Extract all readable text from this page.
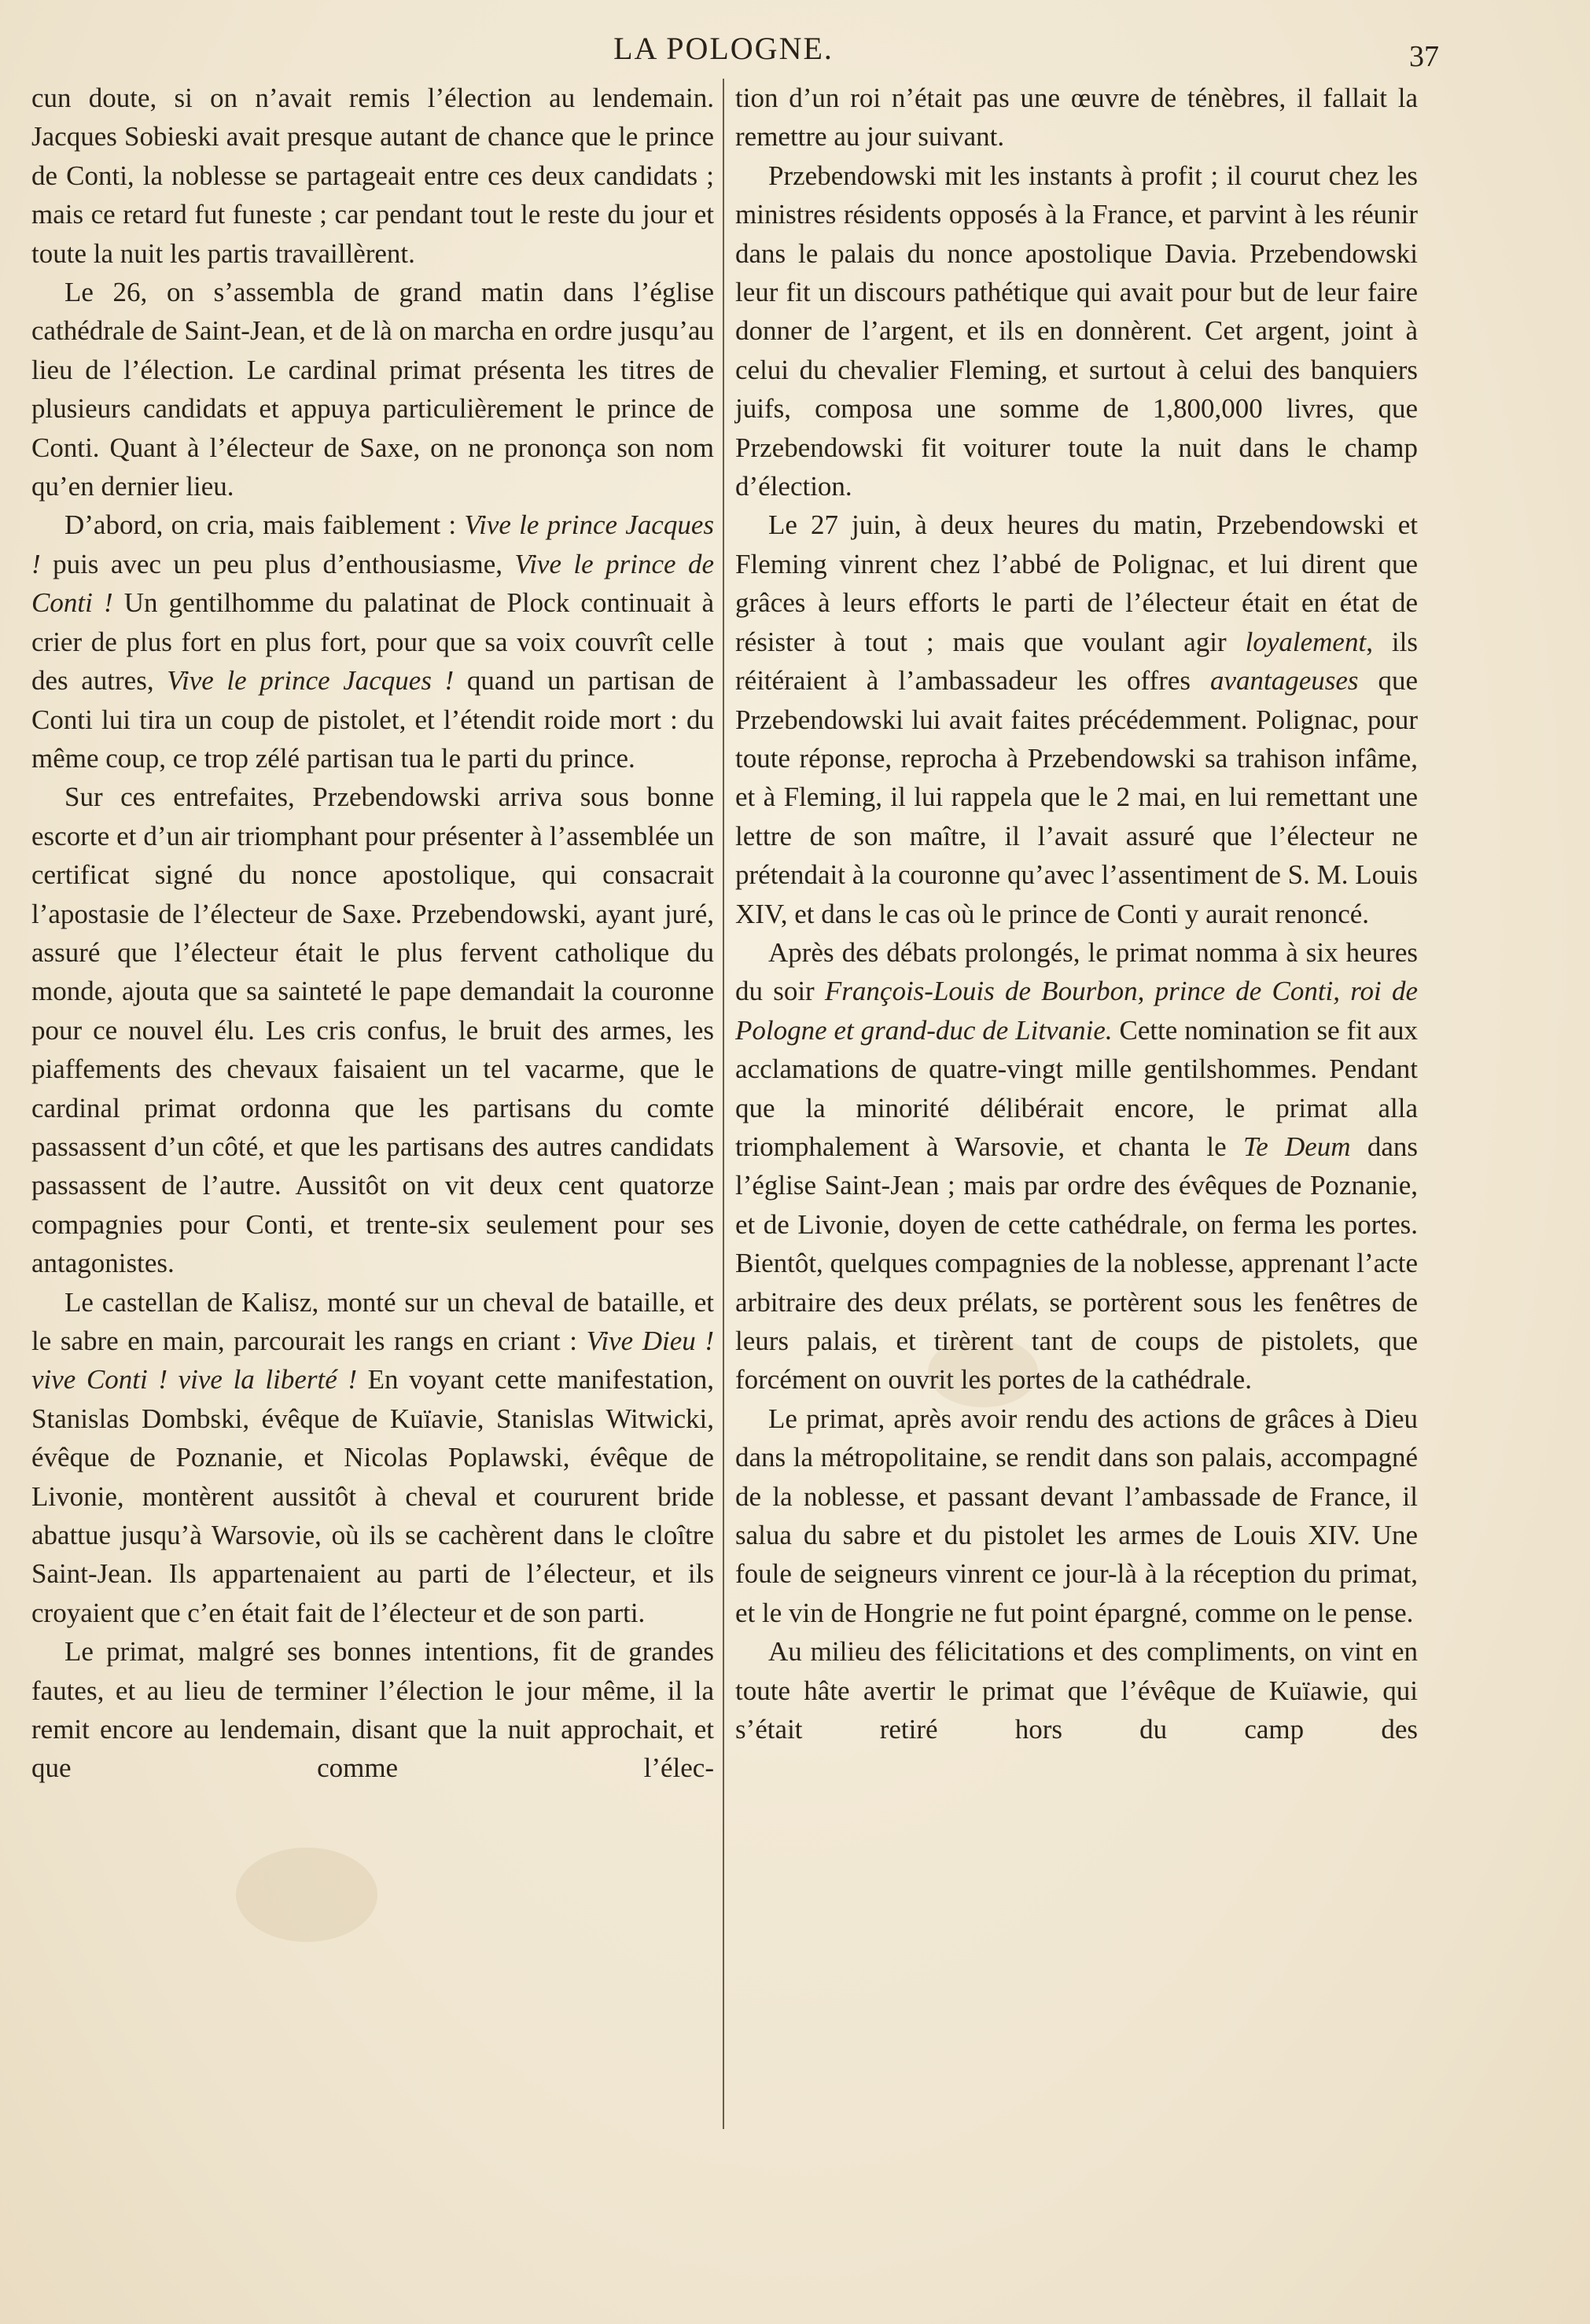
LA POLOGNE.	37

cun doute, si on n’avait remis l’élection au lendemain. Jacques Sobieski avait presque autant de chance que le prince de Conti, la noblesse se partageait entre ces deux candidats ; mais ce retard fut funeste ; car pendant tout le reste du jour et toute la nuit les partis travaillèrent.

Le 26, on s’assembla de grand matin dans l’église cathédrale de Saint-Jean, et de là on marcha en ordre jusqu’au lieu de l’élection. Le cardinal primat présenta les titres de plusieurs candidats et appuya particulièrement le prince de Conti. Quant à l’électeur de Saxe, on ne prononça son nom qu’en dernier lieu.

D’abord, on cria, mais faiblement : Vive le prince Jacques ! puis avec un peu plus d’enthousiasme, Vive le prince de Conti ! Un gentilhomme du palatinat de Plock continuait à crier de plus fort en plus fort, pour que sa voix couvrît celle des autres, Vive le prince Jacques ! quand un partisan de Conti lui tira un coup de pistolet, et l’étendit roide mort : du même coup, ce trop zélé partisan tua le parti du prince.

Sur ces entrefaites, Przebendowski arriva sous bonne escorte et d’un air triomphant pour présenter à l’assemblée un certificat signé du nonce apostolique, qui consacrait l’apostasie de l’électeur de Saxe. Przebendowski, ayant juré, assuré que l’électeur était le plus fervent catholique du monde, ajouta que sa sainteté le pape demandait la couronne pour ce nouvel élu. Les cris confus, le bruit des armes, les piaffements des chevaux faisaient un tel vacarme, que le cardinal primat ordonna que les partisans du comte passassent d’un côté, et que les partisans des autres candidats passassent de l’autre. Aussitôt on vit deux cent quatorze compagnies pour Conti, et trente-six seulement pour ses antagonistes.

Le castellan de Kalisz, monté sur un cheval de bataille, et le sabre en main, parcourait les rangs en criant : Vive Dieu ! vive Conti ! vive la liberté ! En voyant cette manifestation, Stanislas Dombski, évêque de Kuïavie, Stanislas Witwicki, évêque de Poznanie, et Nicolas Poplawski, évêque de Livonie, montèrent aussitôt à cheval et coururent bride abattue jusqu’à Warsovie, où ils se cachèrent dans le cloître Saint-Jean. Ils appartenaient au parti de l’électeur, et ils croyaient que c’en était fait de l’électeur et de son parti.

Le primat, malgré ses bonnes intentions, fit de grandes fautes, et au lieu de terminer l’élection le jour même, il la remit encore au lendemain, disant que la nuit approchait, et que comme l’élec-

tion d’un roi n’était pas une œuvre de ténèbres, il fallait la remettre au jour suivant.

Przebendowski mit les instants à profit ; il courut chez les ministres résidents opposés à la France, et parvint à les réunir dans le palais du nonce apostolique Davia. Przebendowski leur fit un discours pathétique qui avait pour but de leur faire donner de l’argent, et ils en donnèrent. Cet argent, joint à celui du chevalier Fleming, et surtout à celui des banquiers juifs, composa une somme de 1,800,000 livres, que Przebendowski fit voiturer toute la nuit dans le champ d’élection.

Le 27 juin, à deux heures du matin, Przebendowski et Fleming vinrent chez l’abbé de Polignac, et lui dirent que grâces à leurs efforts le parti de l’électeur était en état de résister à tout ; mais que voulant agir loyalement, ils réitéraient à l’ambassadeur les offres avantageuses que Przebendowski lui avait faites précédemment. Polignac, pour toute réponse, reprocha à Przebendowski sa trahison infâme, et à Fleming, il lui rappela que le 2 mai, en lui remettant une lettre de son maître, il l’avait assuré que l’électeur ne prétendait à la couronne qu’avec l’assentiment de S. M. Louis XIV, et dans le cas où le prince de Conti y aurait renoncé.

Après des débats prolongés, le primat nomma à six heures du soir François-Louis de Bourbon, prince de Conti, roi de Pologne et grand-duc de Litvanie. Cette nomination se fit aux acclamations de quatre-vingt mille gentilshommes. Pendant que la minorité délibérait encore, le primat alla triomphalement à Warsovie, et chanta le Te Deum dans l’église Saint-Jean ; mais par ordre des évêques de Poznanie, et de Livonie, doyen de cette cathédrale, on ferma les portes. Bientôt, quelques compagnies de la noblesse, apprenant l’acte arbitraire des deux prélats, se portèrent sous les fenêtres de leurs palais, et tirèrent tant de coups de pistolets, que forcément on ouvrit les portes de la cathédrale.

Le primat, après avoir rendu des actions de grâces à Dieu dans la métropolitaine, se rendit dans son palais, accompagné de la noblesse, et passant devant l’ambassade de France, il salua du sabre et du pistolet les armes de Louis XIV. Une foule de seigneurs vinrent ce jour-là à la réception du primat, et le vin de Hongrie ne fut point épargné, comme on le pense.

Au milieu des félicitations et des compliments, on vint en toute hâte avertir le primat que l’évêque de Kuïawie, qui s’était retiré hors du camp des
